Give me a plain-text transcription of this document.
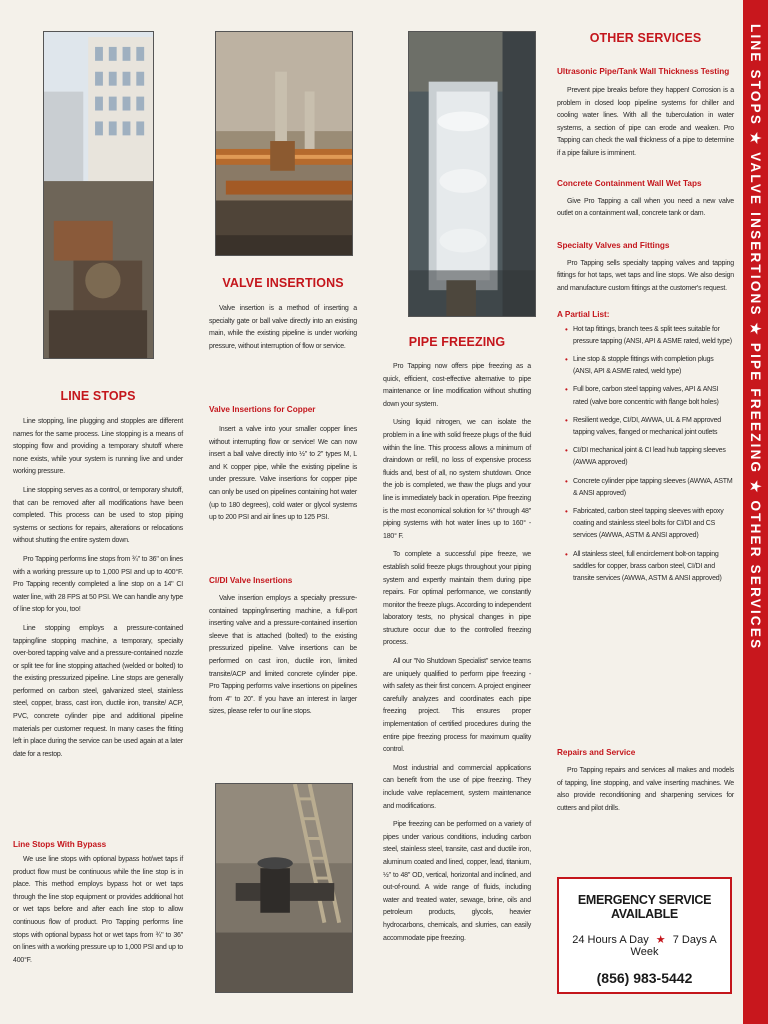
LINE STOPS

Line stopping, line plugging and stopples are different names for the same process. Line stopping is a means of stopping flow and providing a temporary shutoff where none exists, while your system is running live and under working pressure.

Line stopping serves as a control, or temporary shutoff, that can be removed after all modifications have been completed. This process can be used to stop piping systems or sections for repairs, alterations or relocations without shutting the entire system down.

Pro Tapping performs line stops from ¾" to 36" on lines with a working pressure up to 1,000 PSI and up to 400°F. Pro Tapping recently completed a line stop on a 14" CI water line, with 28 FPS at 50 PSI. We can handle any type of line stop for you, too!

Line stopping employs a pressure-contained tapping/line stopping machine, a temporary, specialty over-bored tapping valve and a pressure-contained nozzle or split tee for line stopping attached (welded or bolted) to the existing pressurized pipeline. Line stops are generally performed on carbon steel, galvanized steel, stainless steel, copper, brass, cast iron, ductile iron, transite/ ACP, PVC, concrete cylinder pipe and additional pipeline materials per customer request. In many cases the fitting left in place during the service can be used again at a later date for a restop.

Line Stops With Bypass

We use line stops with optional bypass hot/wet taps if product flow must be continuous while the line stop is in place. This method employs bypass hot or wet taps through the line stop equipment or provides additional hot or wet taps before and after each line stop to allow continuous flow of product. Pro Tapping performs line stops with optional bypass hot or wet taps from ¾" to 36" on lines with a working pressure up to 1,000 PSI and up to 400°F.

VALVE INSERTIONS

Valve insertion is a method of inserting a specialty gate or ball valve directly into an existing main, while the existing pipeline is under working pressure, without interruption of flow or service.

Valve Insertions for Copper

Insert a valve into your smaller copper lines without interrupting flow or service! We can now insert a ball valve directly into ½" to 2" types M, L and K copper pipe, while the existing pipeline is under pressure. Valve insertions for copper pipe can only be used on pipelines containing hot water (up to 180 degrees), cold water or glycol systems up to 200 PSI and air lines up to 125 PSI.

CI/DI Valve Insertions

Valve insertion employs a specialty pressure-contained tapping/inserting machine, a full-port inserting valve and a pressure-contained insertion sleeve that is attached (bolted) to the existing pressurized pipeline. Valve insertions can be performed on cast iron, ductile iron, limited transite/ACP and limited concrete cylinder pipe. Pro Tapping performs valve insertions on pipelines from 4" to 20". If you have an interest in larger sizes, please refer to our line stops.

PIPE FREEZING

Pro Tapping now offers pipe freezing as a quick, efficient, cost-effective alternative to pipe maintenance or line modification without shutting down your system.

Using liquid nitrogen, we can isolate the problem in a line with solid freeze plugs of the fluid within the line. This process allows a minimum of draindown or refill, no loss of expensive process fluids and, best of all, no system shutdown. Once the job is completed, we thaw the plugs and your line is immediately back in operation. Pipe freezing is the most economical solution for ½" through 48" piping systems with hot water lines up to 160° - 180° F.

To complete a successful pipe freeze, we establish solid freeze plugs throughout your piping system and expertly maintain them during pipe repairs. For optimal performance, we constantly monitor the freeze plugs. According to independent laboratory tests, no physical changes in pipe structure occur due to the controlled freezing process.

All our "No Shutdown Specialist" service teams are uniquely qualified to perform pipe freezing - with safety as their first concern. A project engineer carefully analyzes and coordinates each pipe freezing project. This ensures proper implementation of certified procedures during the entire pipe freezing process for maximum quality control.

Most industrial and commercial applications can benefit from the use of pipe freezing. They include valve replacement, system maintenance and modifications.

Pipe freezing can be performed on a variety of pipes under various conditions, including carbon steel, stainless steel, transite, cast and ductile iron, aluminum coated and lined, copper, lead, titanium, ½" to 48" OD, vertical, horizontal and inclined, and out-of-round. A wide range of fluids, including water and treated water, sewage, brine, oils and petroleum products, glycols, heavier hydrocarbons, chemicals, and slurries, can easily accommodate pipe freezing.

OTHER SERVICES
Ultrasonic Pipe/Tank Wall Thickness Testing

Prevent pipe breaks before they happen! Corrosion is a problem in closed loop pipeline systems for chiller and cooling water lines. With all the tuberculation in water systems, a section of pipe can erode and weaken. Pro Tapping can check the wall thickness of a pipe to determine if a pipe failure is imminent.

Concrete Containment Wall Wet Taps

Give Pro Tapping a call when you need a new valve outlet on a containment wall, concrete tank or dam.

Specialty Valves and Fittings

Pro Tapping sells specialty tapping valves and tapping fittings for hot taps, wet taps and line stops. We also design and manufacture custom fittings at the customer's request.

A Partial List:
• Hot tap fittings, branch tees & split tees suitable for pressure tapping (ANSI, API & ASME rated, weld type)
• Line stop & stopple fittings with completion plugs (ANSI, API & ASME rated, weld type)
• Full bore, carbon steel tapping valves, API & ANSI rated (valve bore concentric with flange bolt holes)
• Resilient wedge, CI/DI, AWWA, UL & FM approved tapping valves, flanged or mechanical joint outlets
• CI/DI mechanical joint & CI lead hub tapping sleeves (AWWA approved)
• Concrete cylinder pipe tapping sleeves (AWWA, ASTM & ANSI approved)
• Fabricated, carbon steel tapping sleeves with epoxy coating and stainless steel bolts for CI/DI and CS services (AWWA, ASTM & ANSI approved)
• All stainless steel, full encirclement bolt-on tapping saddles for copper, brass carbon steel, CI/DI and transite services (AWWA, ASTM & ANSI approved)
Repairs and Service

Pro Tapping repairs and services all makes and models of tapping, line stopping, and valve inserting machines. We also provide reconditioning and sharpening services for cutters and pilot drills.

EMERGENCY SERVICE AVAILABLE
24 Hours A Day ★ 7 Days A Week
(856) 983-5442
LINE STOPS ★ VALVE INSERTIONS ★ PIPE FREEZING ★ OTHER SERVICES
